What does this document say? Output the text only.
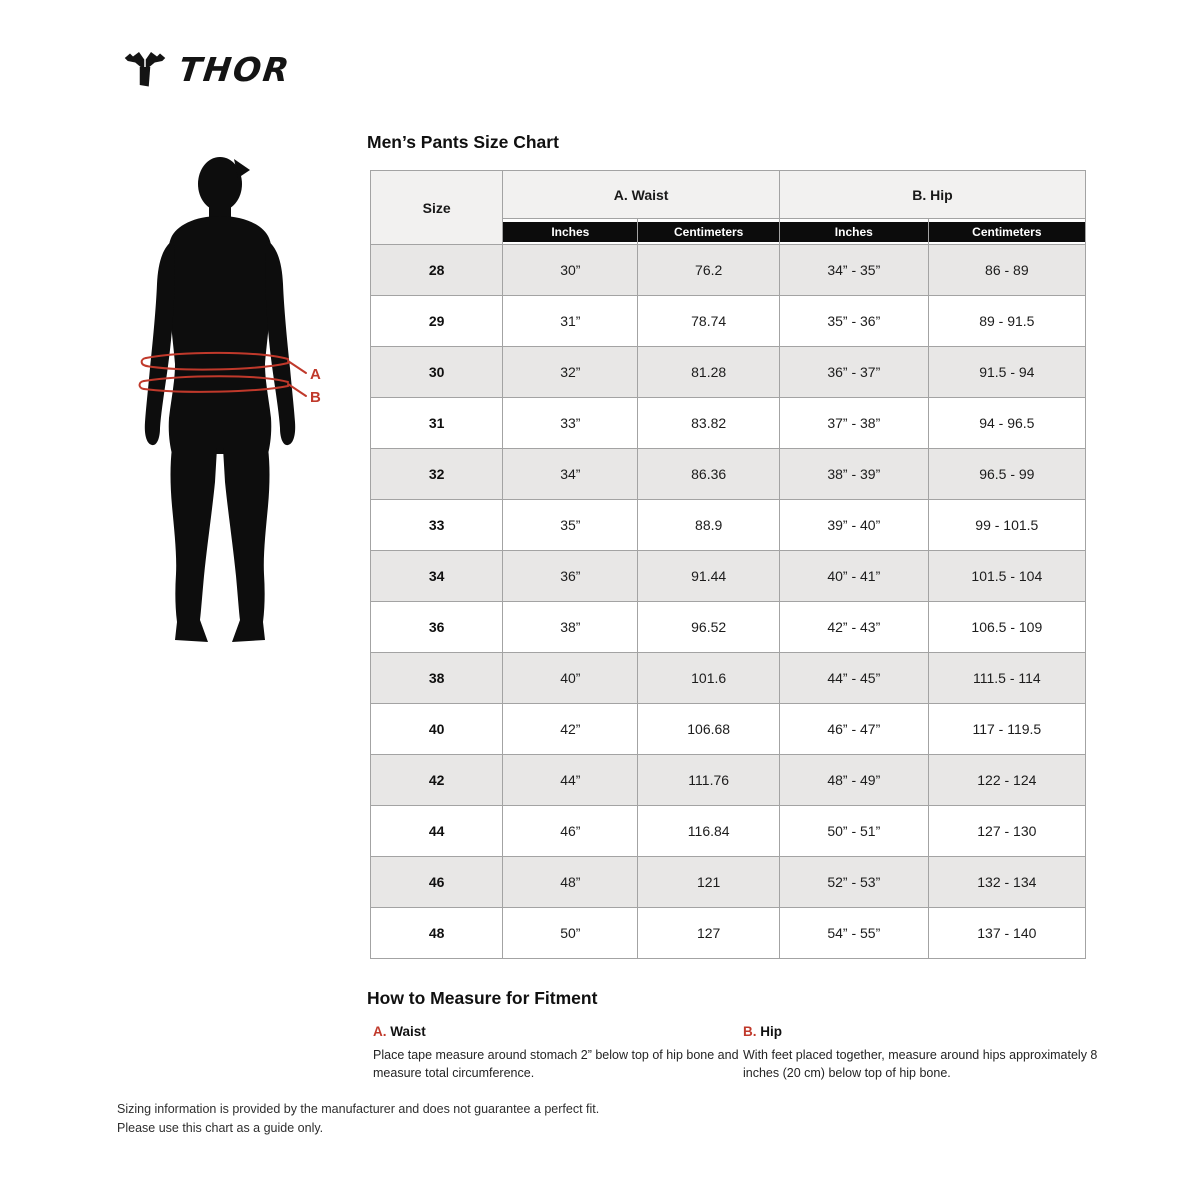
THOR
A
B
Men’s Pants Size Chart
Size	A. Waist		B. Hip	

	Inches	Centimeters	Inches	Centimeters

28	30”	76.2	34” - 35”	86 - 89
29	31”	78.74	35” - 36”	89 - 91.5
30	32”	81.28	36” - 37”	91.5 - 94
31	33”	83.82	37” - 38”	94 - 96.5
32	34”	86.36	38” - 39”	96.5 - 99
33	35”	88.9	39” - 40”	99 - 101.5
34	36”	91.44	40” - 41”	101.5 - 104
36	38”	96.52	42” - 43”	106.5 - 109
38	40”	101.6	44” - 45”	111.5 - 114
40	42”	106.68	46” - 47”	117 - 119.5
42	44”	111.76	48” - 49”	122 - 124
44	46”	116.84	50” - 51”	127 - 130
46	48”	121	52” - 53”	132 - 134
48	50”	127	54” - 55”	137 - 140
How to Measure for Fitment
A. Waist
Place tape measure around stomach 2” below top of hip bone and measure total circumference.
B. Hip
With feet placed together, measure around hips approximately 8 inches (20 cm) below top of hip bone.
Sizing information is provided by the manufacturer and does not guarantee a perfect fit.
Please use this chart as a guide only.
